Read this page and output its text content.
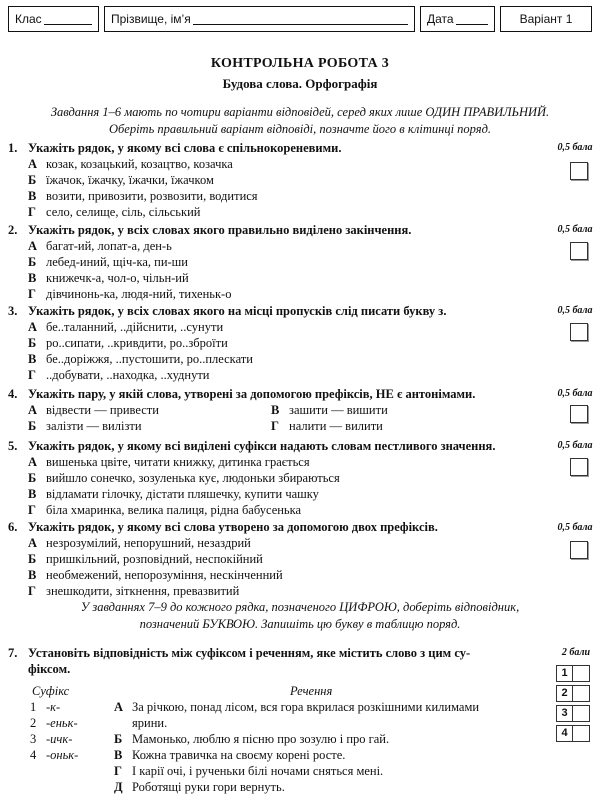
Клас	Прізвище, ім’я	Дата	Варіант 1
КОНТРОЛЬНА РОБОТА 3
Будова слова. Орфографія
Завдання 1–6 мають по чотири варіанти відповідей, серед яких лише ОДИН ПРАВИЛЬНИЙ.
Оберіть правильний варіант відповіді, позначте його в клітинці поряд.
1. Укажіть рядок, у якому всі слова є спільнокореневими.
А козак, козацький, козацтво, козачка
Б їжачок, їжачку, їжачки, їжачком
В возити, привозити, розвозити, водитися
Г село, селище, сіль, сільський
0,5 бала
2. Укажіть рядок, у всіх словах якого правильно виділено закінчення.
А багат-ий, лопат-а, ден-ь
Б лебед-иний, щіч-ка, пи-ши
В книжечк-а, чол-о, чільн-ий
Г дівчинонь-ка, людя-ний, тихеньк-о
0,5 бала
3. Укажіть рядок, у всіх словах якого на місці пропусків слід писати букву з.
А бе..таланний, ..дійснити, ..сунути
Б ро..сипати, ..кривдити, ро..зброїти
В бе..доріжжя, ..пустошити, ро..плескати
Г ..добувати, ..находка, ..худнути
0,5 бала
4. Укажіть пару, у якій слова, утворені за допомогою префіксів, НЕ є антонімами.
А відвести — привести	В зашити — вишити
Б залізти — вилізти	Г налити — вилити
0,5 бала
5. Укажіть рядок, у якому всі виділені суфікси надають словам пестливого значення.
А вишенька цвіте, читати книжку, дитинка грається
Б вийшло сонечко, зозуленька кує, людоньки збираються
В відламати гілочку, дістати пляшечку, купити чашку
Г біла хмаринка, велика палиця, рідна бабусенька
0,5 бала
6. Укажіть рядок, у якому всі слова утворено за допомогою двох префіксів.
А незрозумілий, непорушний, незаздрий
Б пришкільний, розповідний, неспокійний
В необмежений, непорозуміння, нескінченний
Г знешкодити, зіткнення, превазвитий
0,5 бала
У завданнях 7–9 до кожного рядка, позначеного ЦИФРОЮ, доберіть відповідник,
позначений БУКВОЮ. Запишіть цю букву в таблицю поряд.
7. Установіть відповідність між суфіксом і реченням, яке містить слово з цим су-
фіксом.
2 бали
Суфікс
1 -к-
2 -еньк-
3 -ичк-
4 -оньк-
Речення
А За річкою, понад лісом, вся гора вкрилася розкішними килимами
ярини.
Б Мамонько, люблю я пісню про зозулю і про гай.
В Кожна травичка на своєму корені росте.
Г І карії очі, і рученьки білі ночами сняться мені.
Д Роботящі руки гори вернуть.
1
2
3
4
